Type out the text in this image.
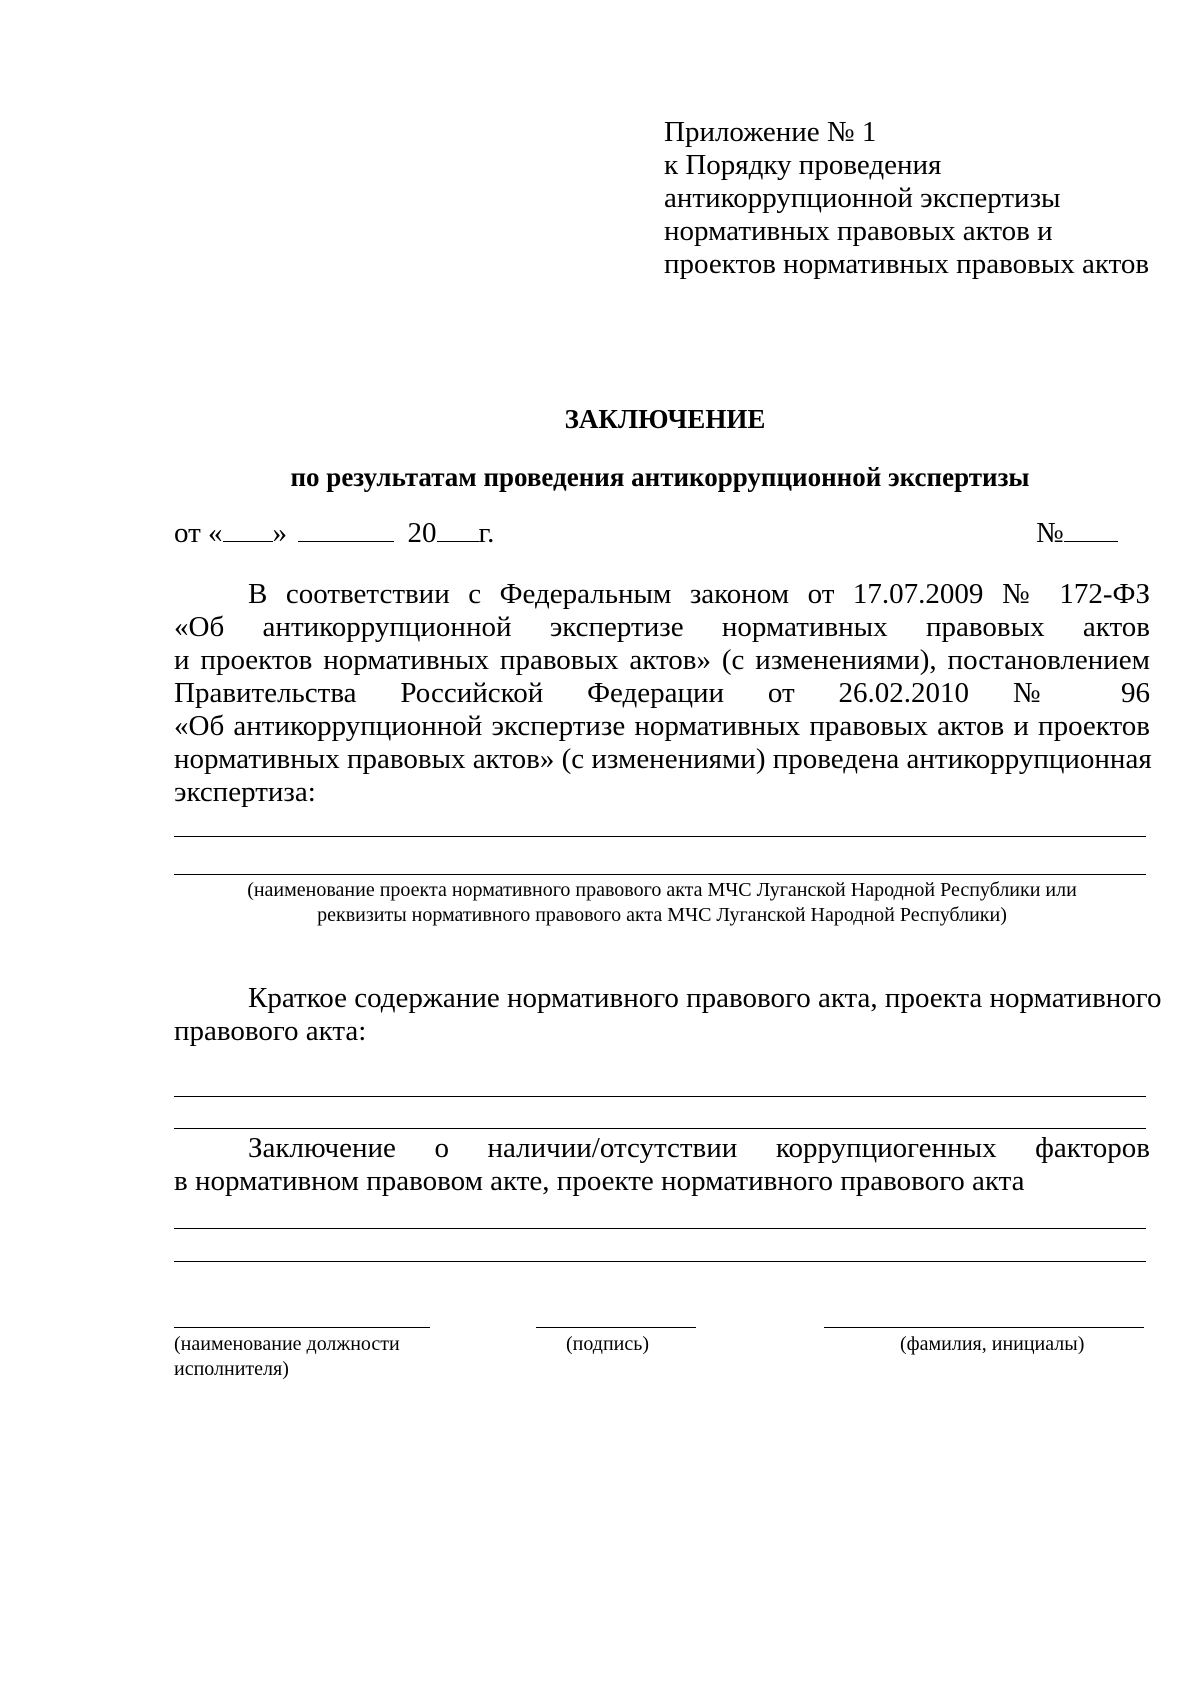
Приложение № 1
к Порядку проведения
антикоррупционной экспертизы
нормативных правовых актов и
проектов нормативных правовых актов
ЗАКЛЮЧЕНИЕ
по результатам проведения антикоррупционной экспертизы
от « »	20 г.	№
В соответствии с Федеральным законом от 17.07.2009 № 172-ФЗ
«Об антикоррупционной экспертизе нормативных правовых актов
и проектов нормативных правовых актов» (с изменениями), постановлением
Правительства Российской Федерации от 26.02.2010 № 96
«Об антикоррупционной экспертизе нормативных правовых актов и проектов
нормативных правовых актов» (с изменениями) проведена антикоррупционная
экспертиза:
(наименование проекта нормативного правового акта МЧС Луганской Народной Республики или
реквизиты нормативного правового акта МЧС Луганской Народной Республики)
Краткое содержание нормативного правового акта, проекта нормативного
правового акта:
Заключение о наличии/отсутствии коррупциогенных факторов
в нормативном правовом акте, проекте нормативного правового акта
(наименование должности
исполнителя)
(подпись)	(фамилия, инициалы)
